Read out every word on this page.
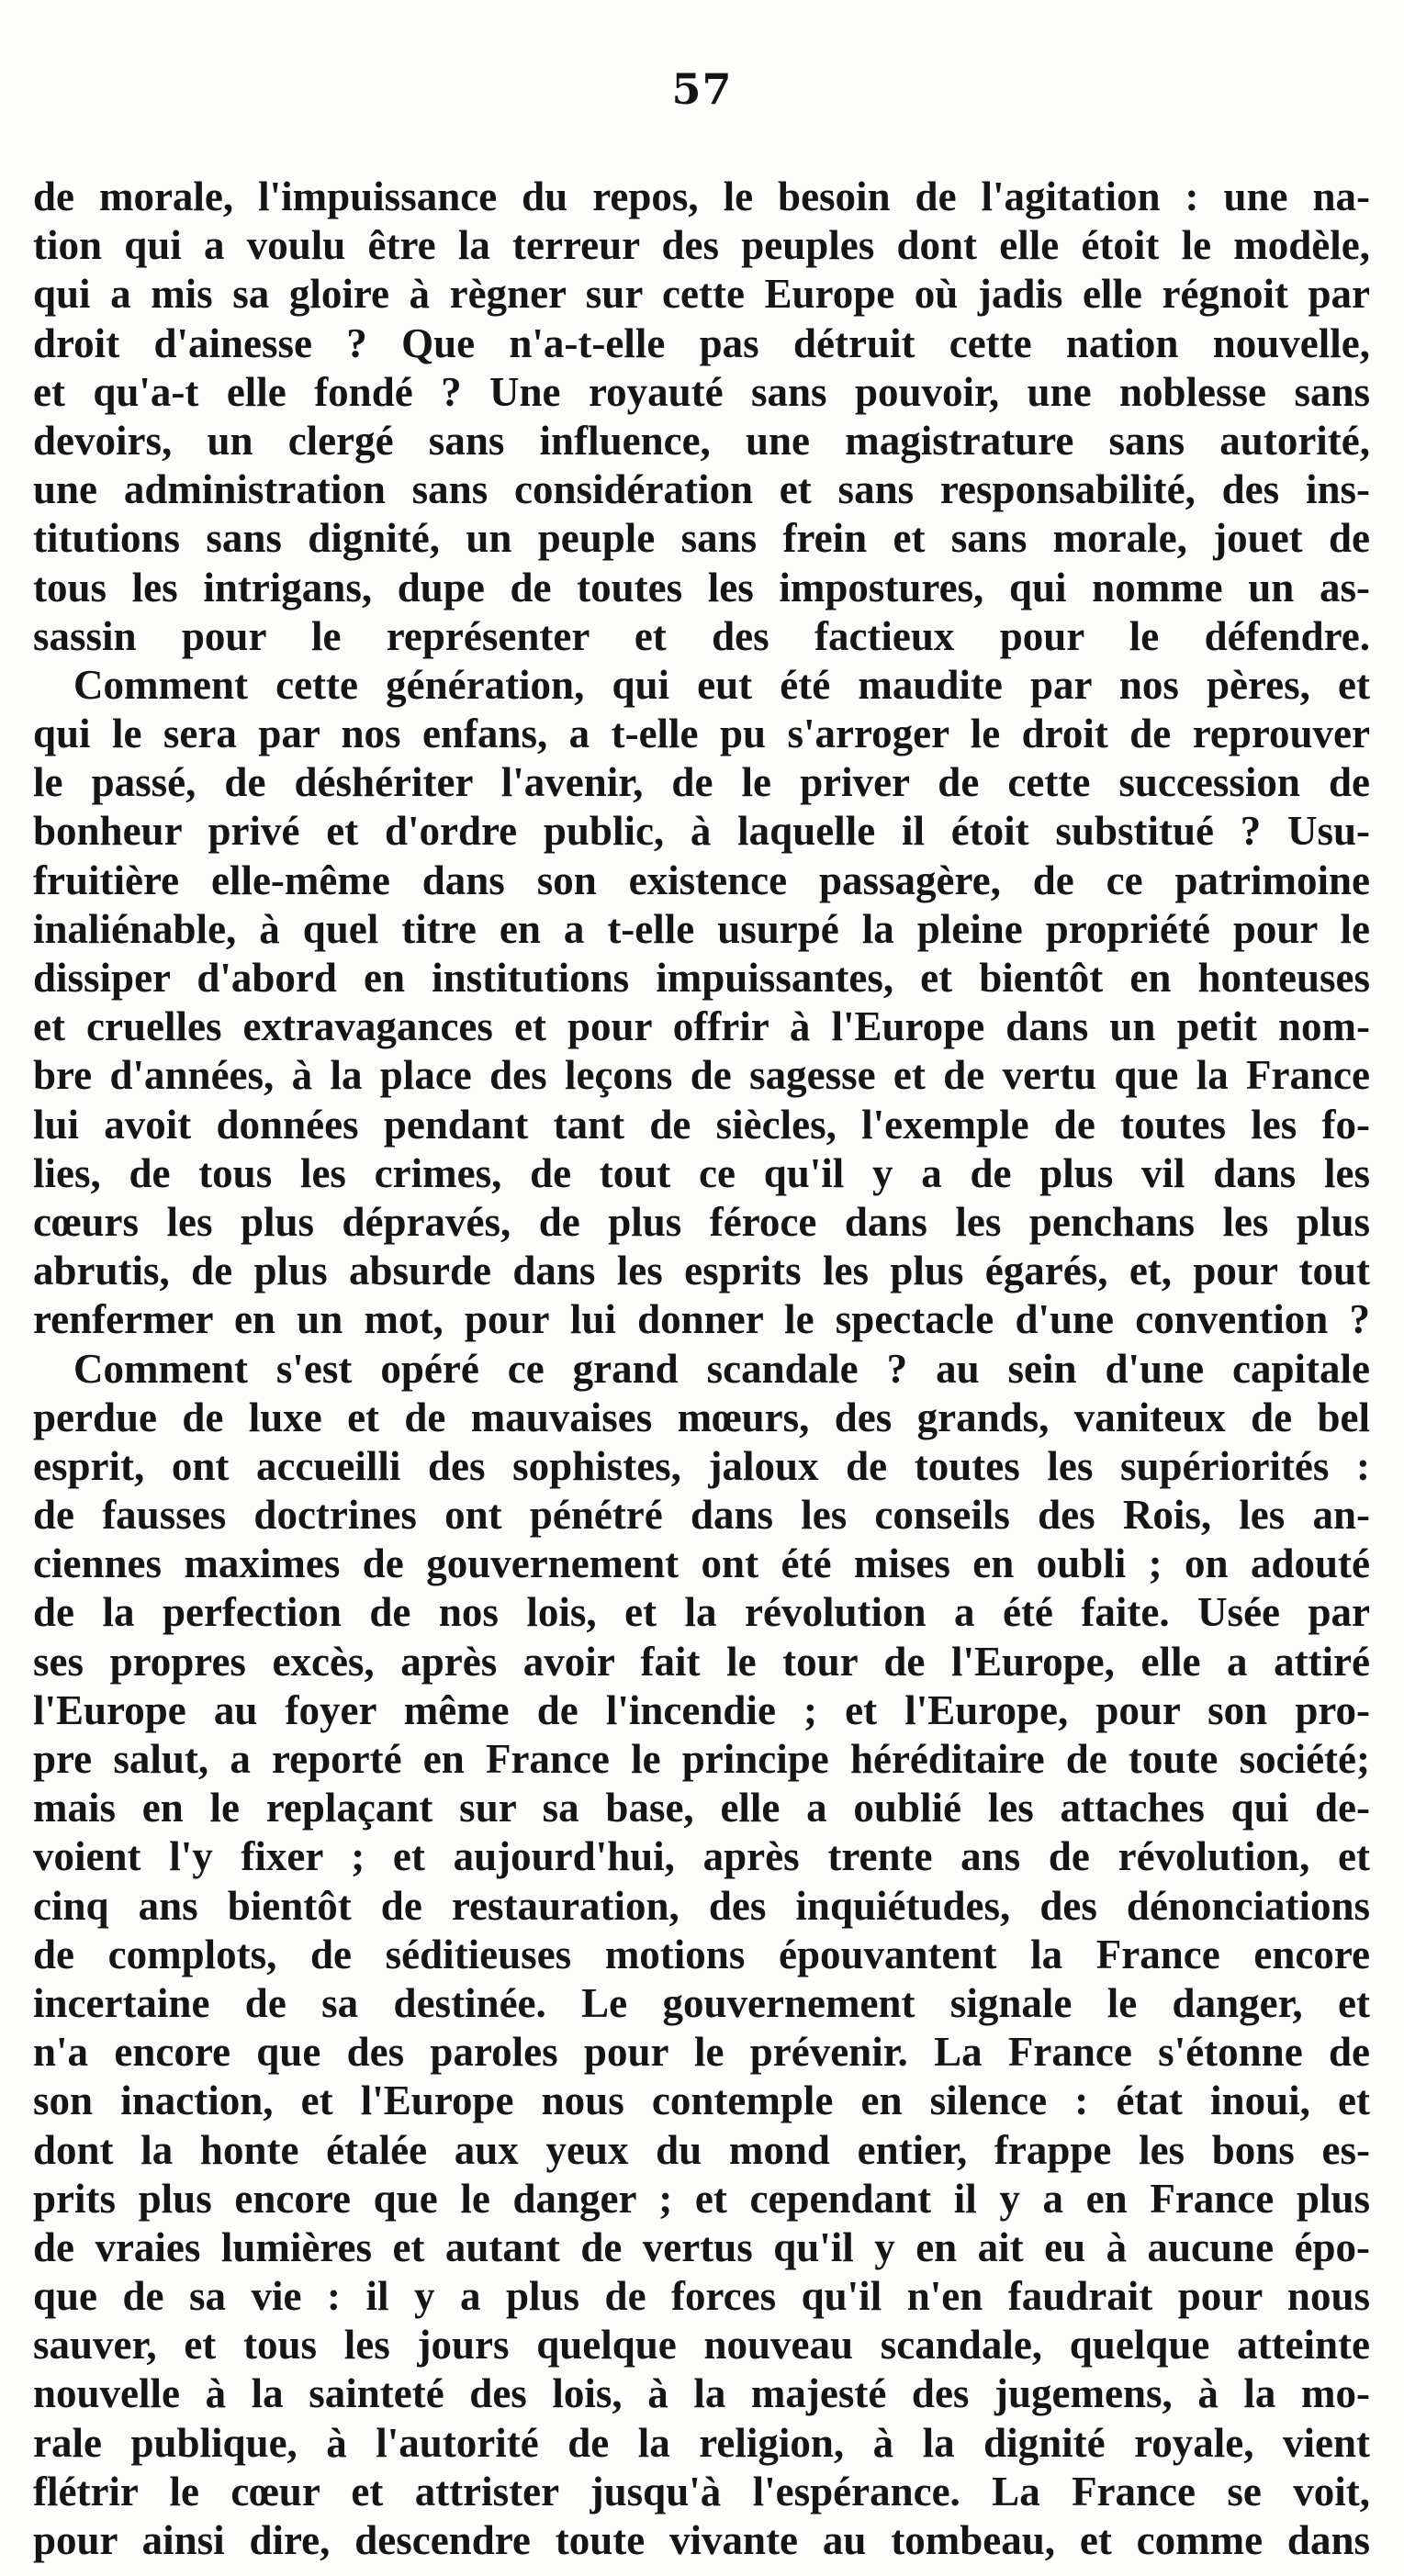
57
de morale, l'impuissance du repos, le besoin de l'agitation : une na-
tion qui a voulu être la terreur des peuples dont elle étoit le modèle,
qui a mis sa gloire à règner sur cette Europe où jadis elle régnoit par
droit d'ainesse ? Que n'a-t-elle pas détruit cette nation nouvelle,
et qu'a-t elle fondé ? Une royauté sans pouvoir, une noblesse sans
devoirs, un clergé sans influence, une magistrature sans autorité,
une administration sans considération et sans responsabilité, des ins-
titutions sans dignité, un peuple sans frein et sans morale, jouet de
tous les intrigans, dupe de toutes les impostures, qui nomme un as-
sassin pour le représenter et des factieux pour le défendre.
Comment cette génération, qui eut été maudite par nos pères, et
qui le sera par nos enfans, a t-elle pu s'arroger le droit de reprouver
le passé, de déshériter l'avenir, de le priver de cette succession de
bonheur privé et d'ordre public, à laquelle il étoit substitué ? Usu-
fruitière elle-même dans son existence passagère, de ce patrimoine
inaliénable, à quel titre en a t-elle usurpé la pleine propriété pour le
dissiper d'abord en institutions impuissantes, et bientôt en honteuses
et cruelles extravagances et pour offrir à l'Europe dans un petit nom-
bre d'années, à la place des leçons de sagesse et de vertu que la France
lui avoit données pendant tant de siècles, l'exemple de toutes les fo-
lies, de tous les crimes, de tout ce qu'il y a de plus vil dans les
cœurs les plus dépravés, de plus féroce dans les penchans les plus
abrutis, de plus absurde dans les esprits les plus égarés, et, pour tout
renfermer en un mot, pour lui donner le spectacle d'une convention ?
Comment s'est opéré ce grand scandale ? au sein d'une capitale
perdue de luxe et de mauvaises mœurs, des grands, vaniteux de bel
esprit, ont accueilli des sophistes, jaloux de toutes les supériorités :
de fausses doctrines ont pénétré dans les conseils des Rois, les an-
ciennes maximes de gouvernement ont été mises en oubli ; on adouté
de la perfection de nos lois, et la révolution a été faite. Usée par
ses propres excès, après avoir fait le tour de l'Europe, elle a attiré
l'Europe au foyer même de l'incendie ; et l'Europe, pour son pro-
pre salut, a reporté en France le principe héréditaire de toute société;
mais en le replaçant sur sa base, elle a oublié les attaches qui de-
voient l'y fixer ; et aujourd'hui, après trente ans de révolution, et
cinq ans bientôt de restauration, des inquiétudes, des dénonciations
de complots, de séditieuses motions épouvantent la France encore
incertaine de sa destinée. Le gouvernement signale le danger, et
n'a encore que des paroles pour le prévenir. La France s'étonne de
son inaction, et l'Europe nous contemple en silence : état inoui, et
dont la honte étalée aux yeux du mond entier, frappe les bons es-
prits plus encore que le danger ; et cependant il y a en France plus
de vraies lumières et autant de vertus qu'il y en ait eu à aucune épo-
que de sa vie : il y a plus de forces qu'il n'en faudrait pour nous
sauver, et tous les jours quelque nouveau scandale, quelque atteinte
nouvelle à la sainteté des lois, à la majesté des jugemens, à la mo-
rale publique, à l'autorité de la religion, à la dignité royale, vient
flétrir le cœur et attrister jusqu'à l'espérance. La France se voit,
pour ainsi dire, descendre toute vivante au tombeau, et comme dans
